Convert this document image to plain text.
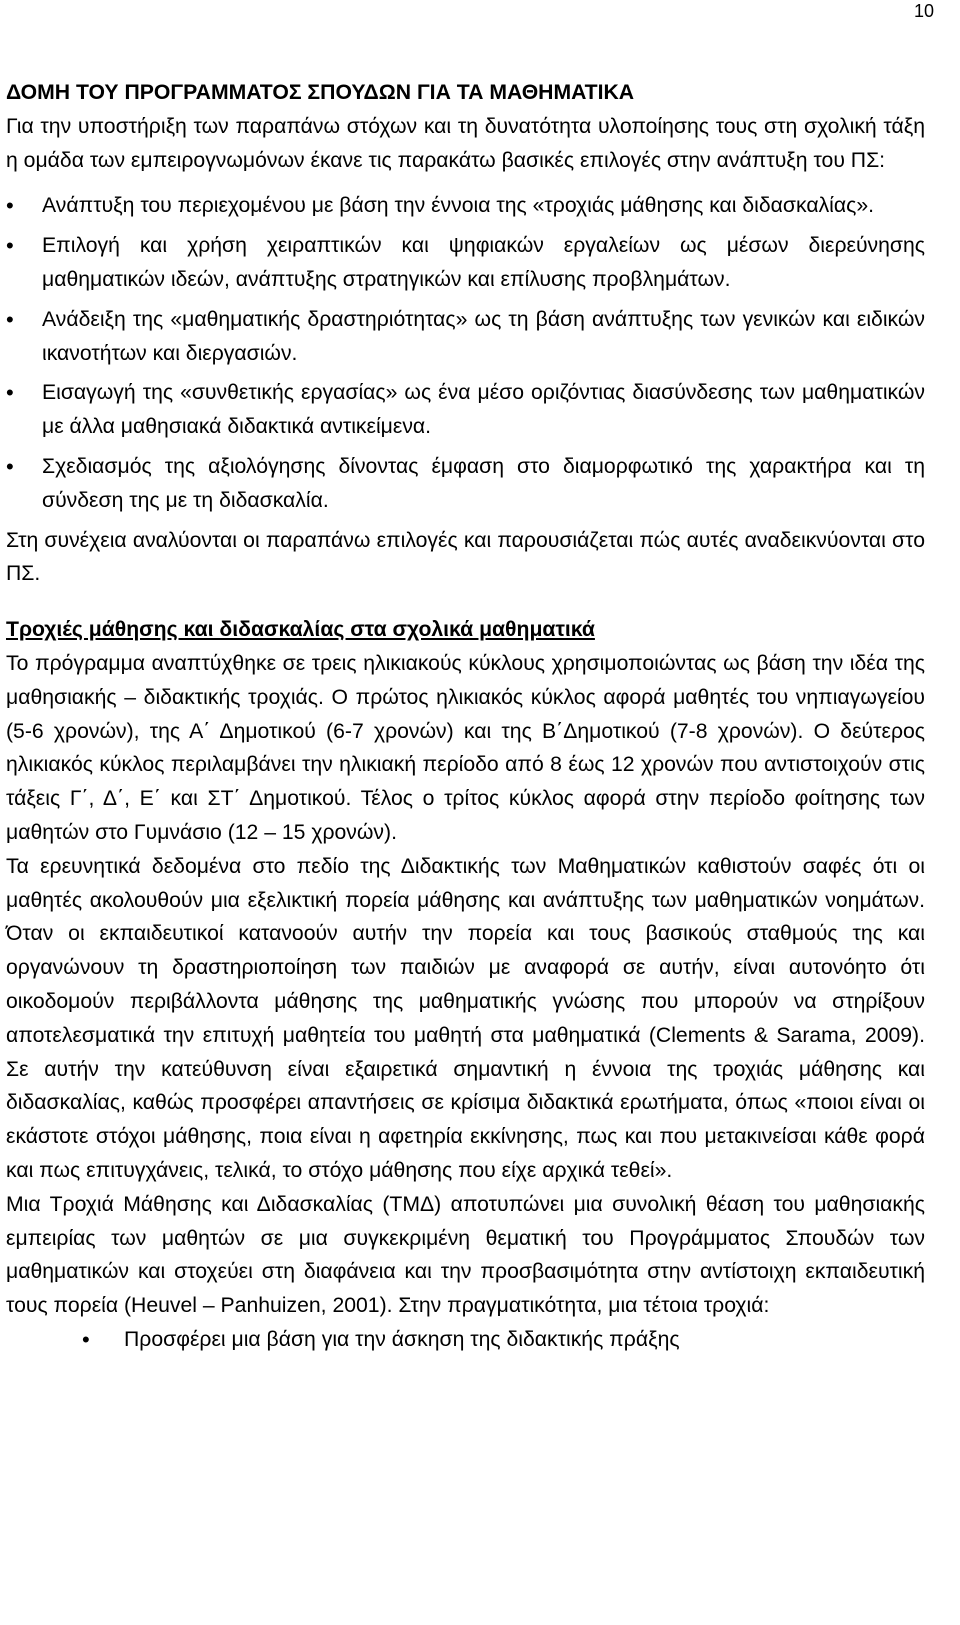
10

ΔΟΜΗ ΤΟΥ ΠΡΟΓΡΑΜΜΑΤΟΣ ΣΠΟΥΔΩΝ ΓΙΑ ΤΑ ΜΑΘΗΜΑΤΙΚΑ

Για την υποστήριξη των παραπάνω στόχων και τη δυνατότητα υλοποίησης τους στη σχολική τάξη η ομάδα των εμπειρογνωμόνων έκανε τις παρακάτω βασικές επιλογές στην ανάπτυξη του ΠΣ:

• Ανάπτυξη του περιεχομένου με βάση την έννοια της «τροχιάς μάθησης και διδασκαλίας».
• Επιλογή και χρήση χειραπτικών και ψηφιακών εργαλείων ως μέσων διερεύνησης μαθηματικών ιδεών, ανάπτυξης στρατηγικών και επίλυσης προβλημάτων.
• Ανάδειξη της «μαθηματικής δραστηριότητας» ως τη βάση ανάπτυξης των γενικών και ειδικών ικανοτήτων και διεργασιών.
• Εισαγωγή της «συνθετικής εργασίας» ως ένα μέσο οριζόντιας διασύνδεσης των μαθηματικών με άλλα μαθησιακά διδακτικά αντικείμενα.
• Σχεδιασμός της αξιολόγησης δίνοντας έμφαση στο διαμορφωτικό της χαρακτήρα και τη σύνδεση της με τη διδασκαλία.

Στη συνέχεια αναλύονται οι παραπάνω επιλογές και παρουσιάζεται πώς αυτές αναδεικνύονται στο ΠΣ.

Τροχιές μάθησης και διδασκαλίας στα σχολικά μαθηματικά

Το πρόγραμμα αναπτύχθηκε σε τρεις ηλικιακούς κύκλους χρησιμοποιώντας ως βάση την ιδέα της μαθησιακής – διδακτικής τροχιάς. Ο πρώτος ηλικιακός κύκλος αφορά μαθητές του νηπιαγωγείου (5-6 χρονών), της Α΄ Δημοτικού (6-7 χρονών) και της Β΄Δημοτικού (7-8 χρονών). Ο δεύτερος ηλικιακός κύκλος περιλαμβάνει την ηλικιακή περίοδο από 8 έως 12 χρονών που αντιστοιχούν στις τάξεις Γ΄, Δ΄, Ε΄ και ΣΤ΄ Δημοτικού. Τέλος ο τρίτος κύκλος αφορά στην περίοδο φοίτησης των μαθητών στο Γυμνάσιο (12 – 15 χρονών).

Τα ερευνητικά δεδομένα στο πεδίο της Διδακτικής των Μαθηματικών καθιστούν σαφές ότι οι μαθητές ακολουθούν μια εξελικτική πορεία μάθησης και ανάπτυξης των μαθηματικών νοημάτων. Όταν οι εκπαιδευτικοί κατανοούν αυτήν την πορεία και τους βασικούς σταθμούς της και οργανώνουν τη δραστηριοποίηση των παιδιών με αναφορά σε αυτήν, είναι αυτονόητο ότι οικοδομούν περιβάλλοντα μάθησης της μαθηματικής γνώσης που μπορούν να στηρίξουν αποτελεσματικά την επιτυχή μαθητεία του μαθητή στα μαθηματικά (Clements & Sarama, 2009). Σε αυτήν την κατεύθυνση είναι εξαιρετικά σημαντική η έννοια της τροχιάς μάθησης και διδασκαλίας, καθώς προσφέρει απαντήσεις σε κρίσιμα διδακτικά ερωτήματα, όπως «ποιοι είναι οι εκάστοτε στόχοι μάθησης, ποια είναι η αφετηρία εκκίνησης, πως και που μετακινείσαι κάθε φορά και πως επιτυγχάνεις, τελικά, το στόχο μάθησης που είχε αρχικά τεθεί».

Μια Τροχιά Μάθησης και Διδασκαλίας (ΤΜΔ) αποτυπώνει μια συνολική θέαση του μαθησιακής εμπειρίας των μαθητών σε μια συγκεκριμένη θεματική του Προγράμματος Σπουδών των μαθηματικών και στοχεύει στη διαφάνεια και την προσβασιμότητα στην αντίστοιχη εκπαιδευτική τους πορεία (Heuvel – Panhuizen, 2001). Στην πραγματικότητα, μια τέτοια τροχιά:

• Προσφέρει μια βάση για την άσκηση της διδακτικής πράξης
